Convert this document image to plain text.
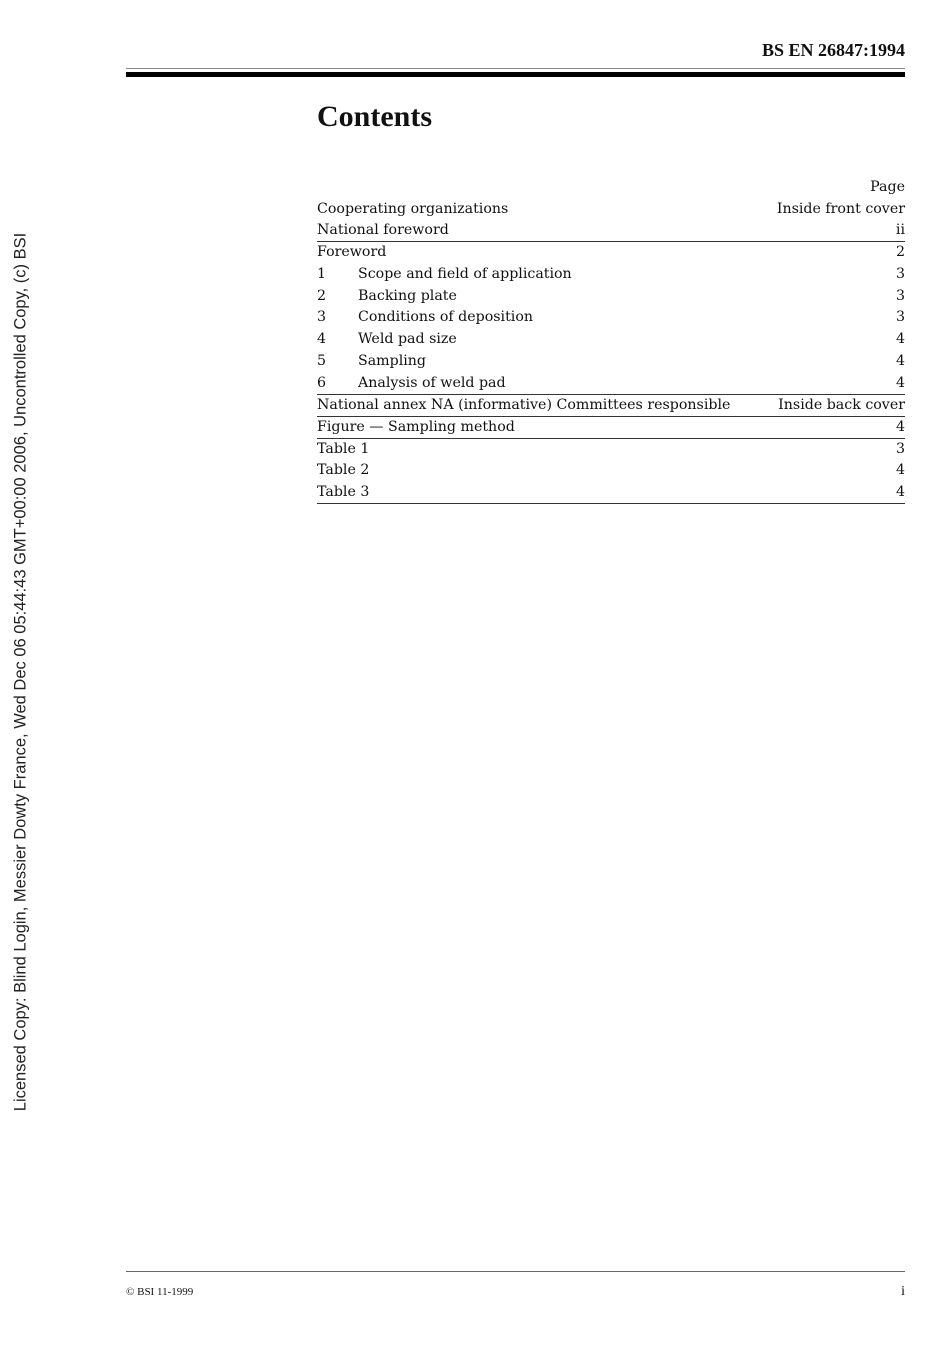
BS EN 26847:1994
Contents
Page
Cooperating organizations	Inside front cover
National foreword	ii
Foreword	2
1	Scope and field of application	3
2	Backing plate	3
3	Conditions of deposition	3
4	Weld pad size	4
5	Sampling	4
6	Analysis of weld pad	4
National annex NA (informative) Committees responsible	Inside back cover
Figure — Sampling method	4
Table 1	3
Table 2	4
Table 3	4
Licensed Copy: Blind Login, Messier Dowty France, Wed Dec 06 05:44:43 GMT+00:00 2006, Uncontrolled Copy, (c) BSI
© BSI 11-1999	i
